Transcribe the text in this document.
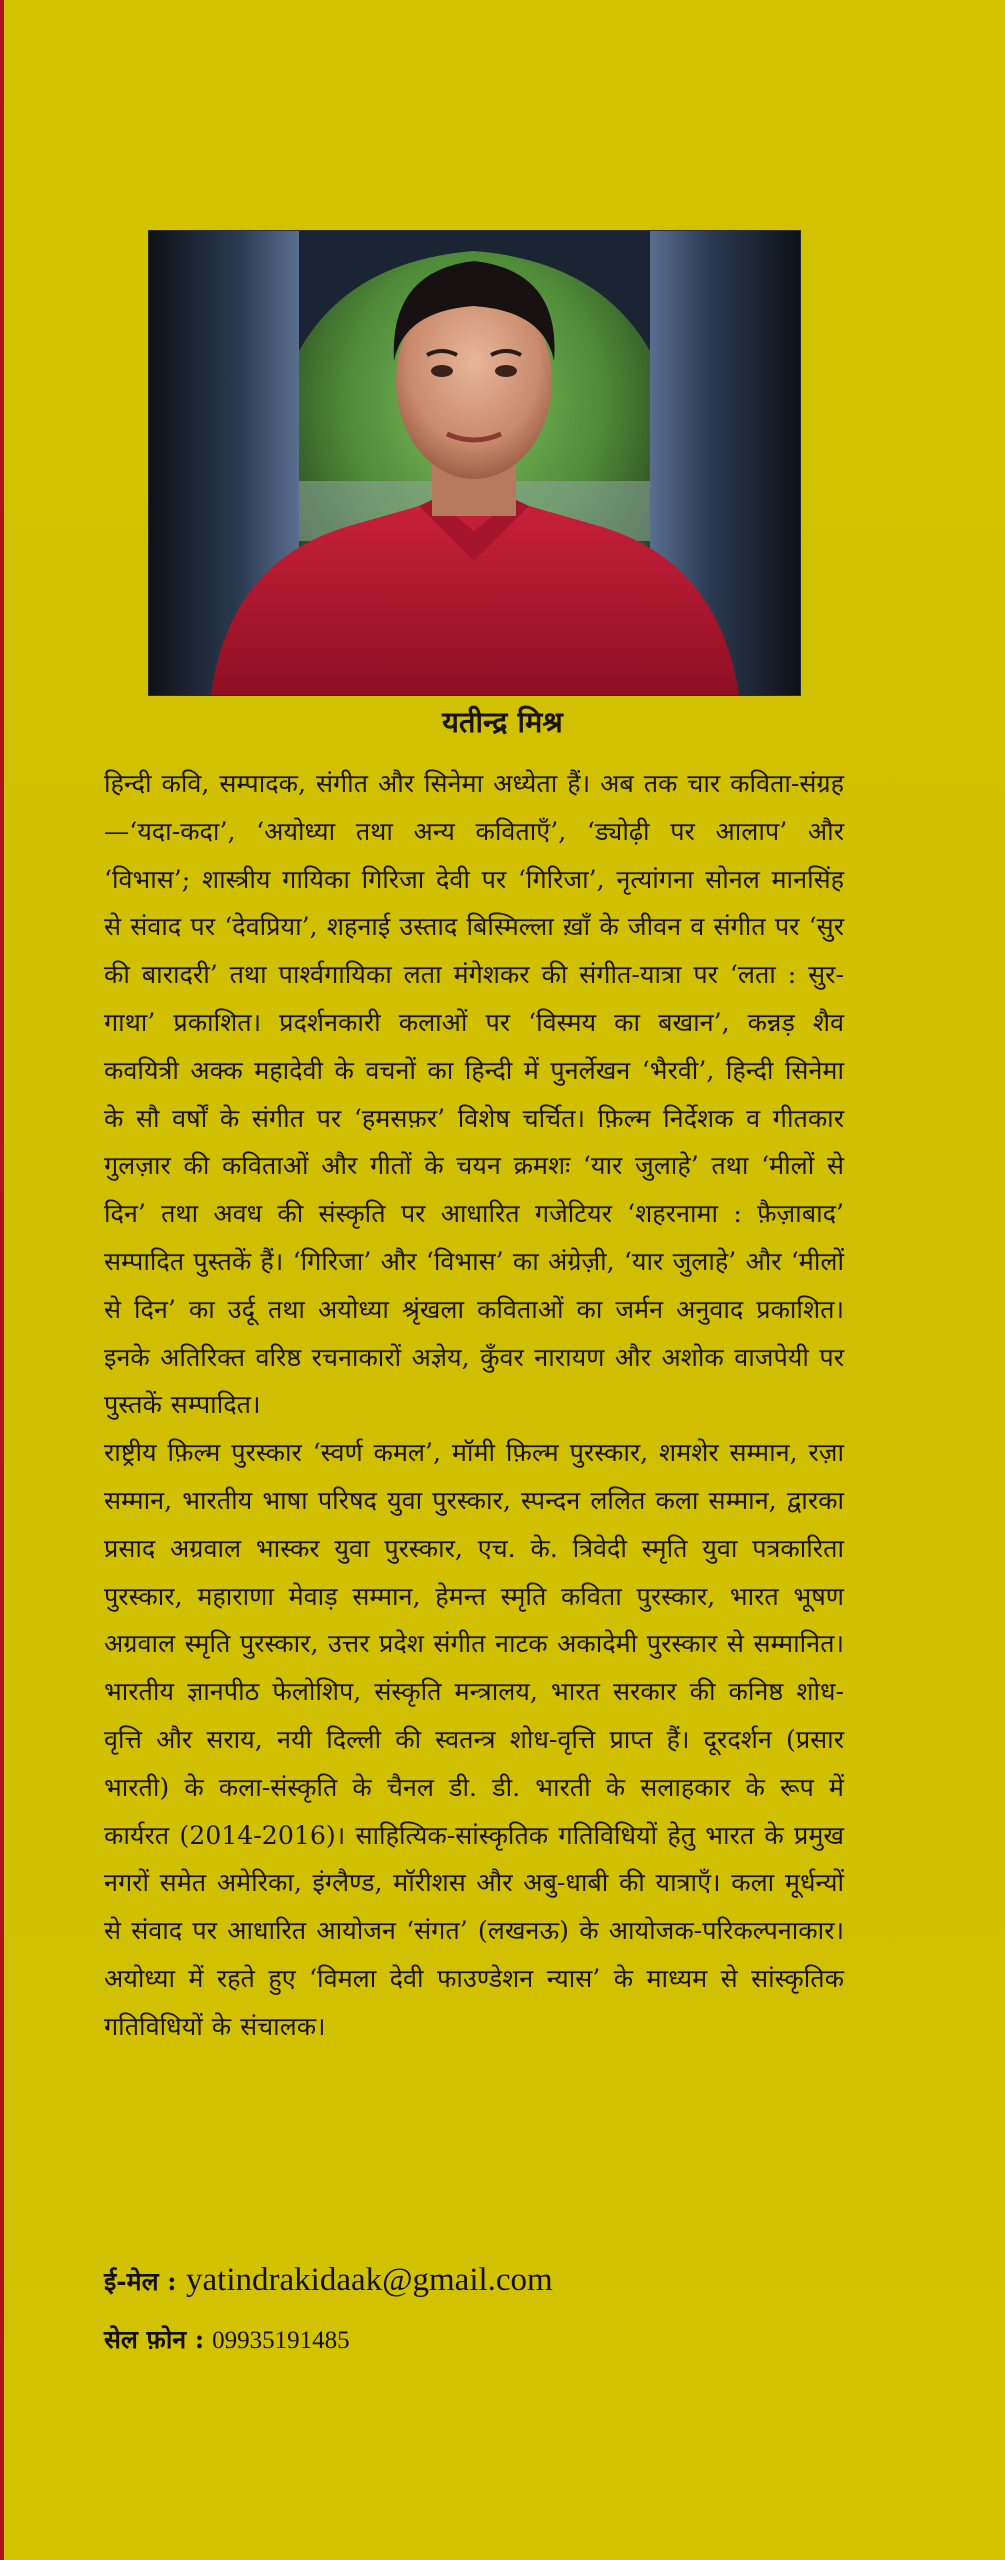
यतीन्द्र मिश्र

हिन्दी कवि, सम्पादक, संगीत और सिनेमा अध्येता हैं। अब तक चार कविता-संग्रह—‘यदा-कदा’, ‘अयोध्या तथा अन्य कविताएँ’, ‘ड्योढ़ी पर आलाप’ और ‘विभास’; शास्त्रीय गायिका गिरिजा देवी पर ‘गिरिजा’, नृत्यांगना सोनल मानसिंह से संवाद पर ‘देवप्रिया’, शहनाई उस्ताद बिस्मिल्ला ख़ाँ के जीवन व संगीत पर ‘सुर की बारादरी’ तथा पार्श्वगायिका लता मंगेशकर की संगीत-यात्रा पर ‘लता : सुर-गाथा’ प्रकाशित। प्रदर्शनकारी कलाओं पर ‘विस्मय का बखान’, कन्नड़ शैव कवयित्री अक्क महादेवी के वचनों का हिन्दी में पुनर्लेखन ‘भैरवी’, हिन्दी सिनेमा के सौ वर्षों के संगीत पर ‘हमसफ़र’ विशेष चर्चित। फ़िल्म निर्देशक व गीतकार गुलज़ार की कविताओं और गीतों के चयन क्रमशः ‘यार जुलाहे’ तथा ‘मीलों से दिन’ तथा अवध की संस्कृति पर आधारित गजेटियर ‘शहरनामा : फ़ैज़ाबाद’ सम्पादित पुस्तकें हैं। ‘गिरिजा’ और ‘विभास’ का अंग्रेज़ी, ‘यार जुलाहे’ और ‘मीलों से दिन’ का उर्दू तथा अयोध्या श्रृंखला कविताओं का जर्मन अनुवाद प्रकाशित। इनके अतिरिक्त वरिष्ठ रचनाकारों अज्ञेय, कुँवर नारायण और अशोक वाजपेयी पर पुस्तकें सम्पादित।

राष्ट्रीय फ़िल्म पुरस्कार ‘स्वर्ण कमल’, मॉमी फ़िल्म पुरस्कार, शमशेर सम्मान, रज़ा सम्मान, भारतीय भाषा परिषद युवा पुरस्कार, स्पन्दन ललित कला सम्मान, द्वारका प्रसाद अग्रवाल भास्कर युवा पुरस्कार, एच. के. त्रिवेदी स्मृति युवा पत्रकारिता पुरस्कार, महाराणा मेवाड़ सम्मान, हेमन्त स्मृति कविता पुरस्कार, भारत भूषण अग्रवाल स्मृति पुरस्कार, उत्तर प्रदेश संगीत नाटक अकादेमी पुरस्कार से सम्मानित। भारतीय ज्ञानपीठ फेलोशिप, संस्कृति मन्त्रालय, भारत सरकार की कनिष्ठ शोध-वृत्ति और सराय, नयी दिल्ली की स्वतन्त्र शोध-वृत्ति प्राप्त हैं। दूरदर्शन (प्रसार भारती) के कला-संस्कृति के चैनल डी. डी. भारती के सलाहकार के रूप में कार्यरत (2014-2016)। साहित्यिक-सांस्कृतिक गतिविधियों हेतु भारत के प्रमुख नगरों समेत अमेरिका, इंग्लैण्ड, मॉरीशस और अबु-धाबी की यात्राएँ। कला मूर्धन्यों से संवाद पर आधारित आयोजन ‘संगत’ (लखनऊ) के आयोजक-परिकल्पनाकार। अयोध्या में रहते हुए ‘विमला देवी फाउण्डेशन न्यास’ के माध्यम से सांस्कृतिक गतिविधियों के संचालक।

ई-मेल : yatindrakidaak@gmail.com
सेल फ़ोन : 09935191485
